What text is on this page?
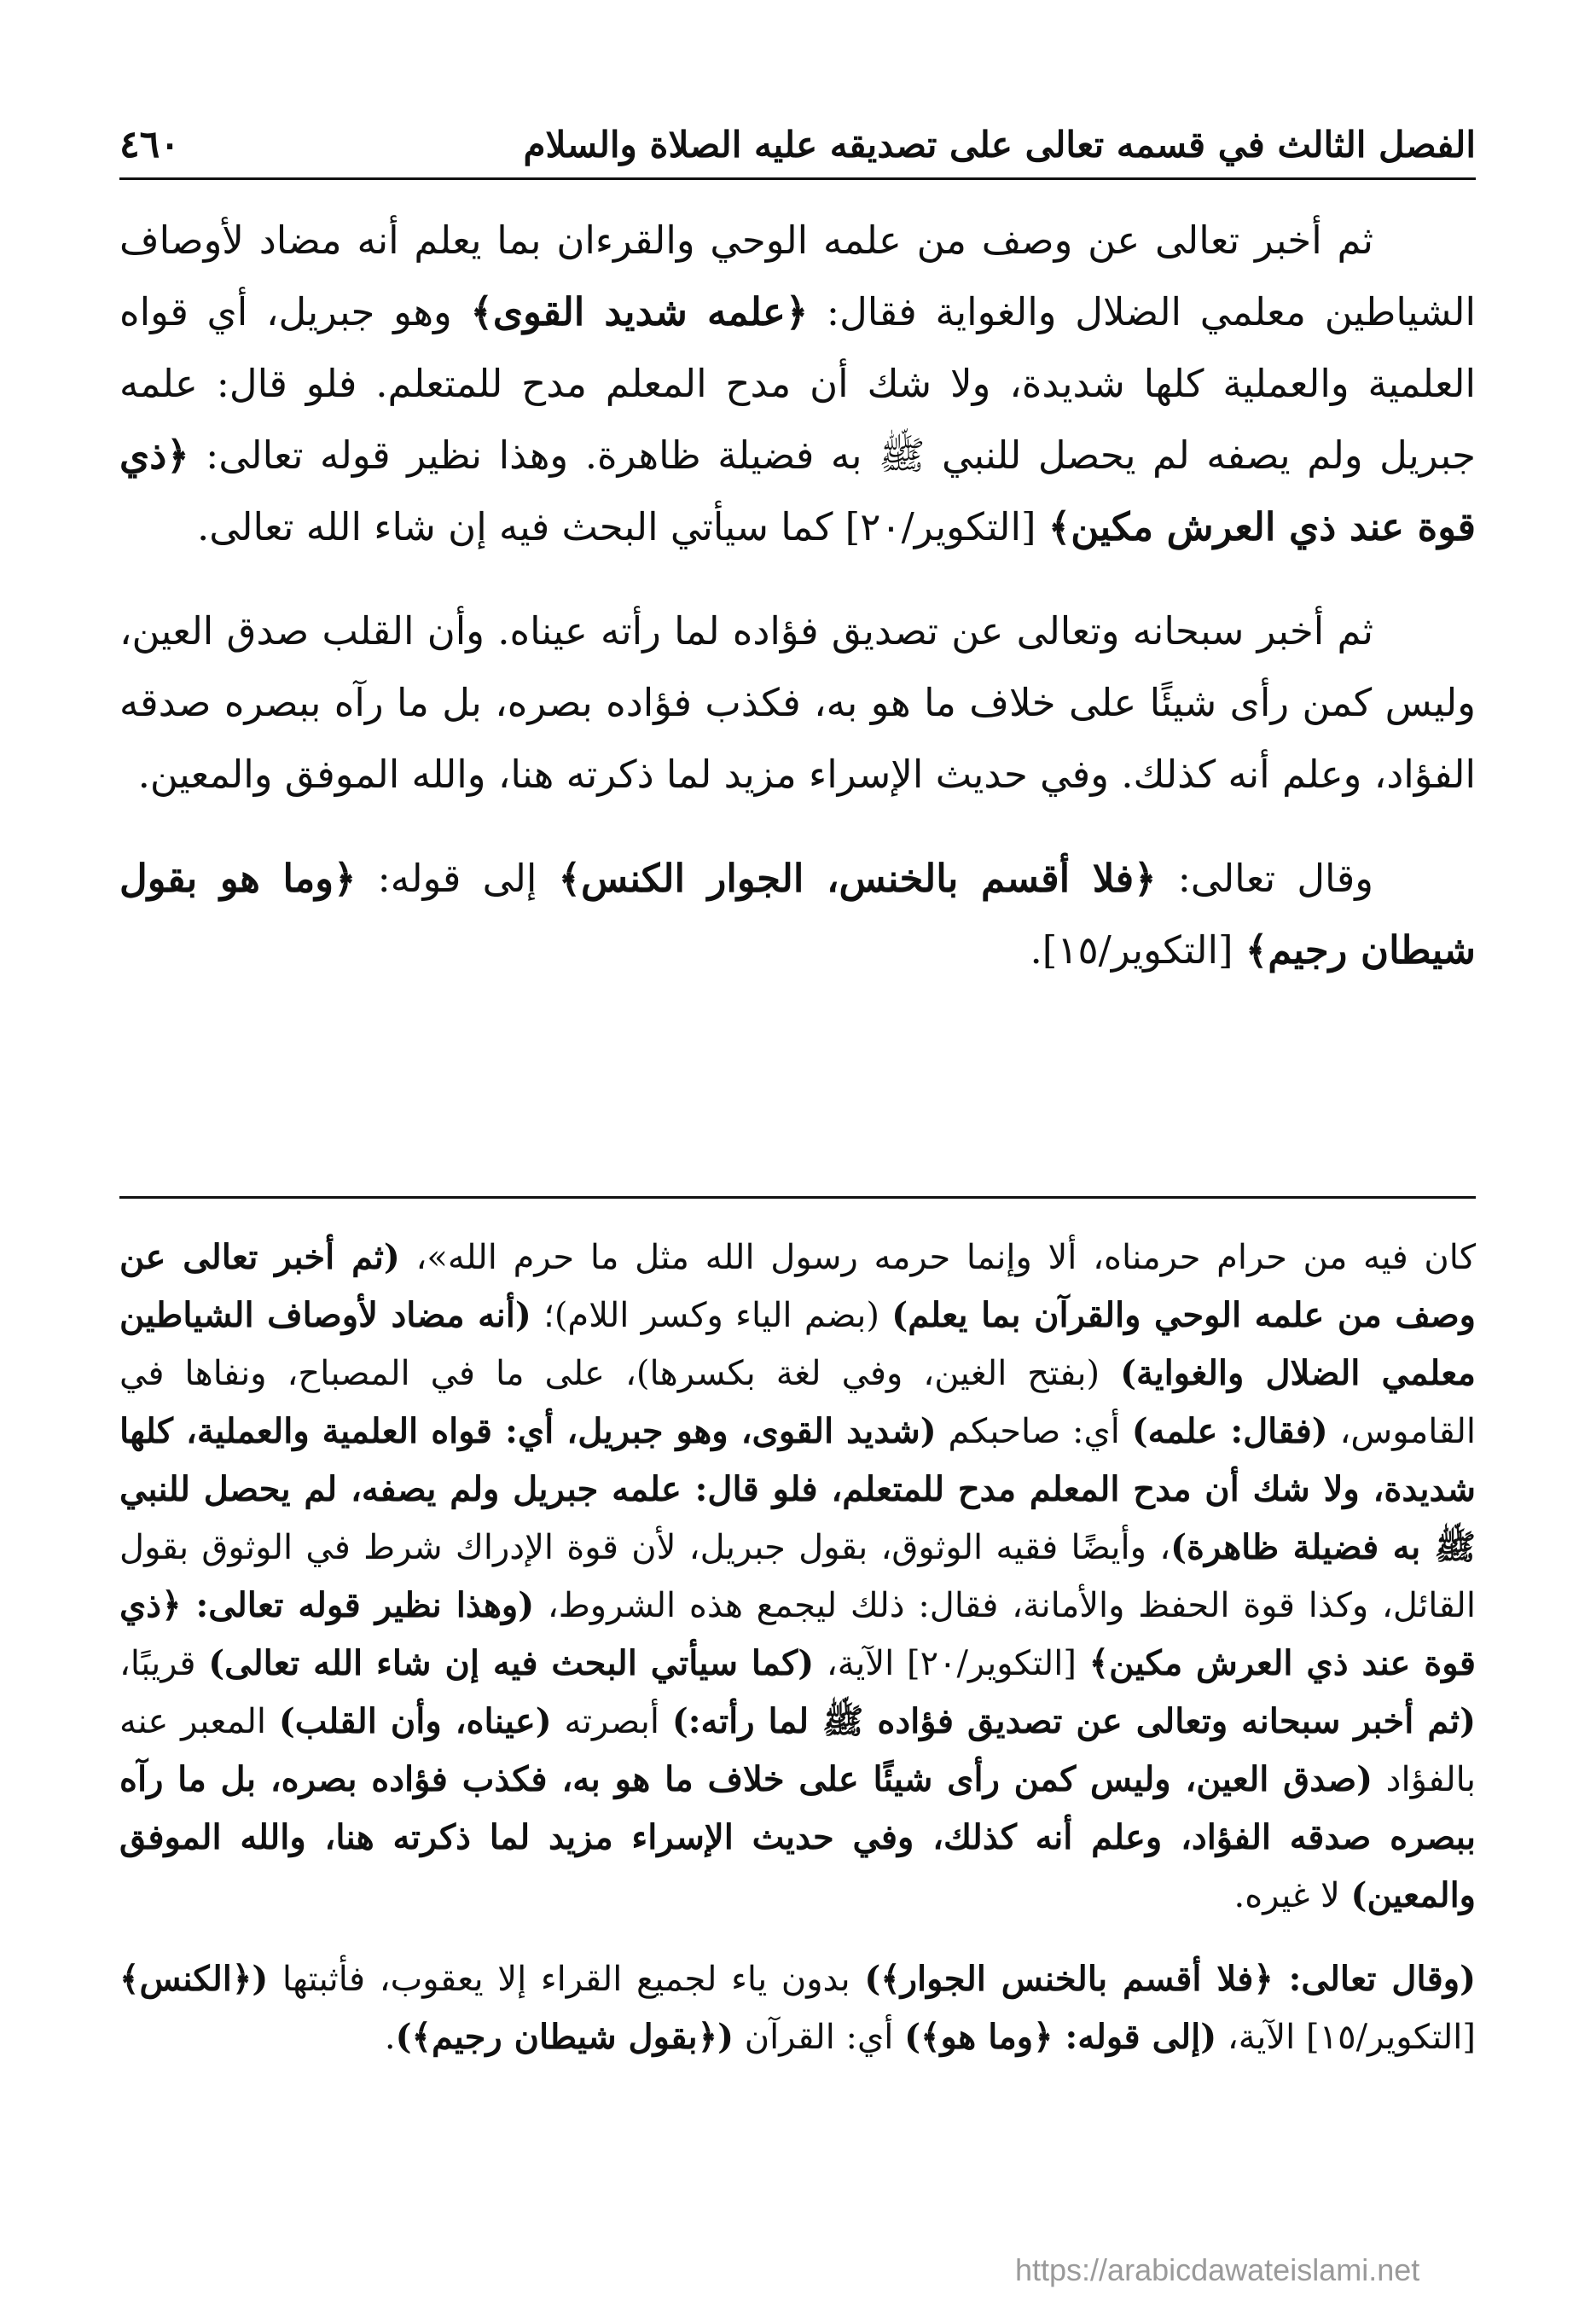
الفصل الثالث في قسمه تعالى على تصديقه عليه الصلاة والسلام
٤٦٠

ثم أخبر تعالى عن وصف من علمه الوحي والقرءان بما يعلم أنه مضاد لأوصاف الشياطين معلمي الضلال والغواية فقال: ﴿علمه شديد القوى﴾ وهو جبريل، أي قواه العلمية والعملية كلها شديدة، ولا شك أن مدح المعلم مدح للمتعلم. فلو قال: علمه جبريل ولم يصفه لم يحصل للنبي ﷺ به فضيلة ظاهرة. وهذا نظير قوله تعالى: ﴿ذي قوة عند ذي العرش مكين﴾ [التكوير/٢٠] كما سيأتي البحث فيه إن شاء الله تعالى.

ثم أخبر سبحانه وتعالى عن تصديق فؤاده لما رأته عيناه. وأن القلب صدق العين، وليس كمن رأى شيئًا على خلاف ما هو به، فكذب فؤاده بصره، بل ما رآه ببصره صدقه الفؤاد، وعلم أنه كذلك. وفي حديث الإسراء مزيد لما ذكرته هنا، والله الموفق والمعين.

وقال تعالى: ﴿فلا أقسم بالخنس، الجوار الكنس﴾ إلى قوله: ﴿وما هو بقول شيطان رجيم﴾ [التكوير/١٥].

كان فيه من حرام حرمناه، ألا وإنما حرمه رسول الله مثل ما حرم الله»، (ثم أخبر تعالى عن وصف من علمه الوحي والقرآن بما يعلم) (بضم الياء وكسر اللام)؛ (أنه مضاد لأوصاف الشياطين معلمي الضلال والغواية) (بفتح الغين، وفي لغة بكسرها)، على ما في المصباح، ونفاها في القاموس، (فقال: علمه) أي: صاحبكم (شديد القوى، وهو جبريل، أي: قواه العلمية والعملية، كلها شديدة، ولا شك أن مدح المعلم مدح للمتعلم، فلو قال: علمه جبريل ولم يصفه، لم يحصل للنبي ﷺ به فضيلة ظاهرة)، وأيضًا فقيه الوثوق، بقول جبريل، لأن قوة الإدراك شرط في الوثوق بقول القائل، وكذا قوة الحفظ والأمانة، فقال: ذلك ليجمع هذه الشروط، (وهذا نظير قوله تعالى: ﴿ذي قوة عند ذي العرش مكين﴾ [التكوير/٢٠] الآية، (كما سيأتي البحث فيه إن شاء الله تعالى) قريبًا، (ثم أخبر سبحانه وتعالى عن تصديق فؤاده ﷺ لما رأته:) أبصرته (عيناه، وأن القلب) المعبر عنه بالفؤاد (صدق العين، وليس كمن رأى شيئًا على خلاف ما هو به، فكذب فؤاده بصره، بل ما رآه ببصره صدقه الفؤاد، وعلم أنه كذلك، وفي حديث الإسراء مزيد لما ذكرته هنا، والله الموفق والمعين) لا غيره.

(وقال تعالى: ﴿فلا أقسم بالخنس الجوار﴾) بدون ياء لجميع القراء إلا يعقوب، فأثبتها (﴿الكنس﴾ [التكوير/١٥] الآية، (إلى قوله: ﴿وما هو﴾) أي: القرآن (﴿بقول شيطان رجيم﴾).

https://arabicdawateislami.net
